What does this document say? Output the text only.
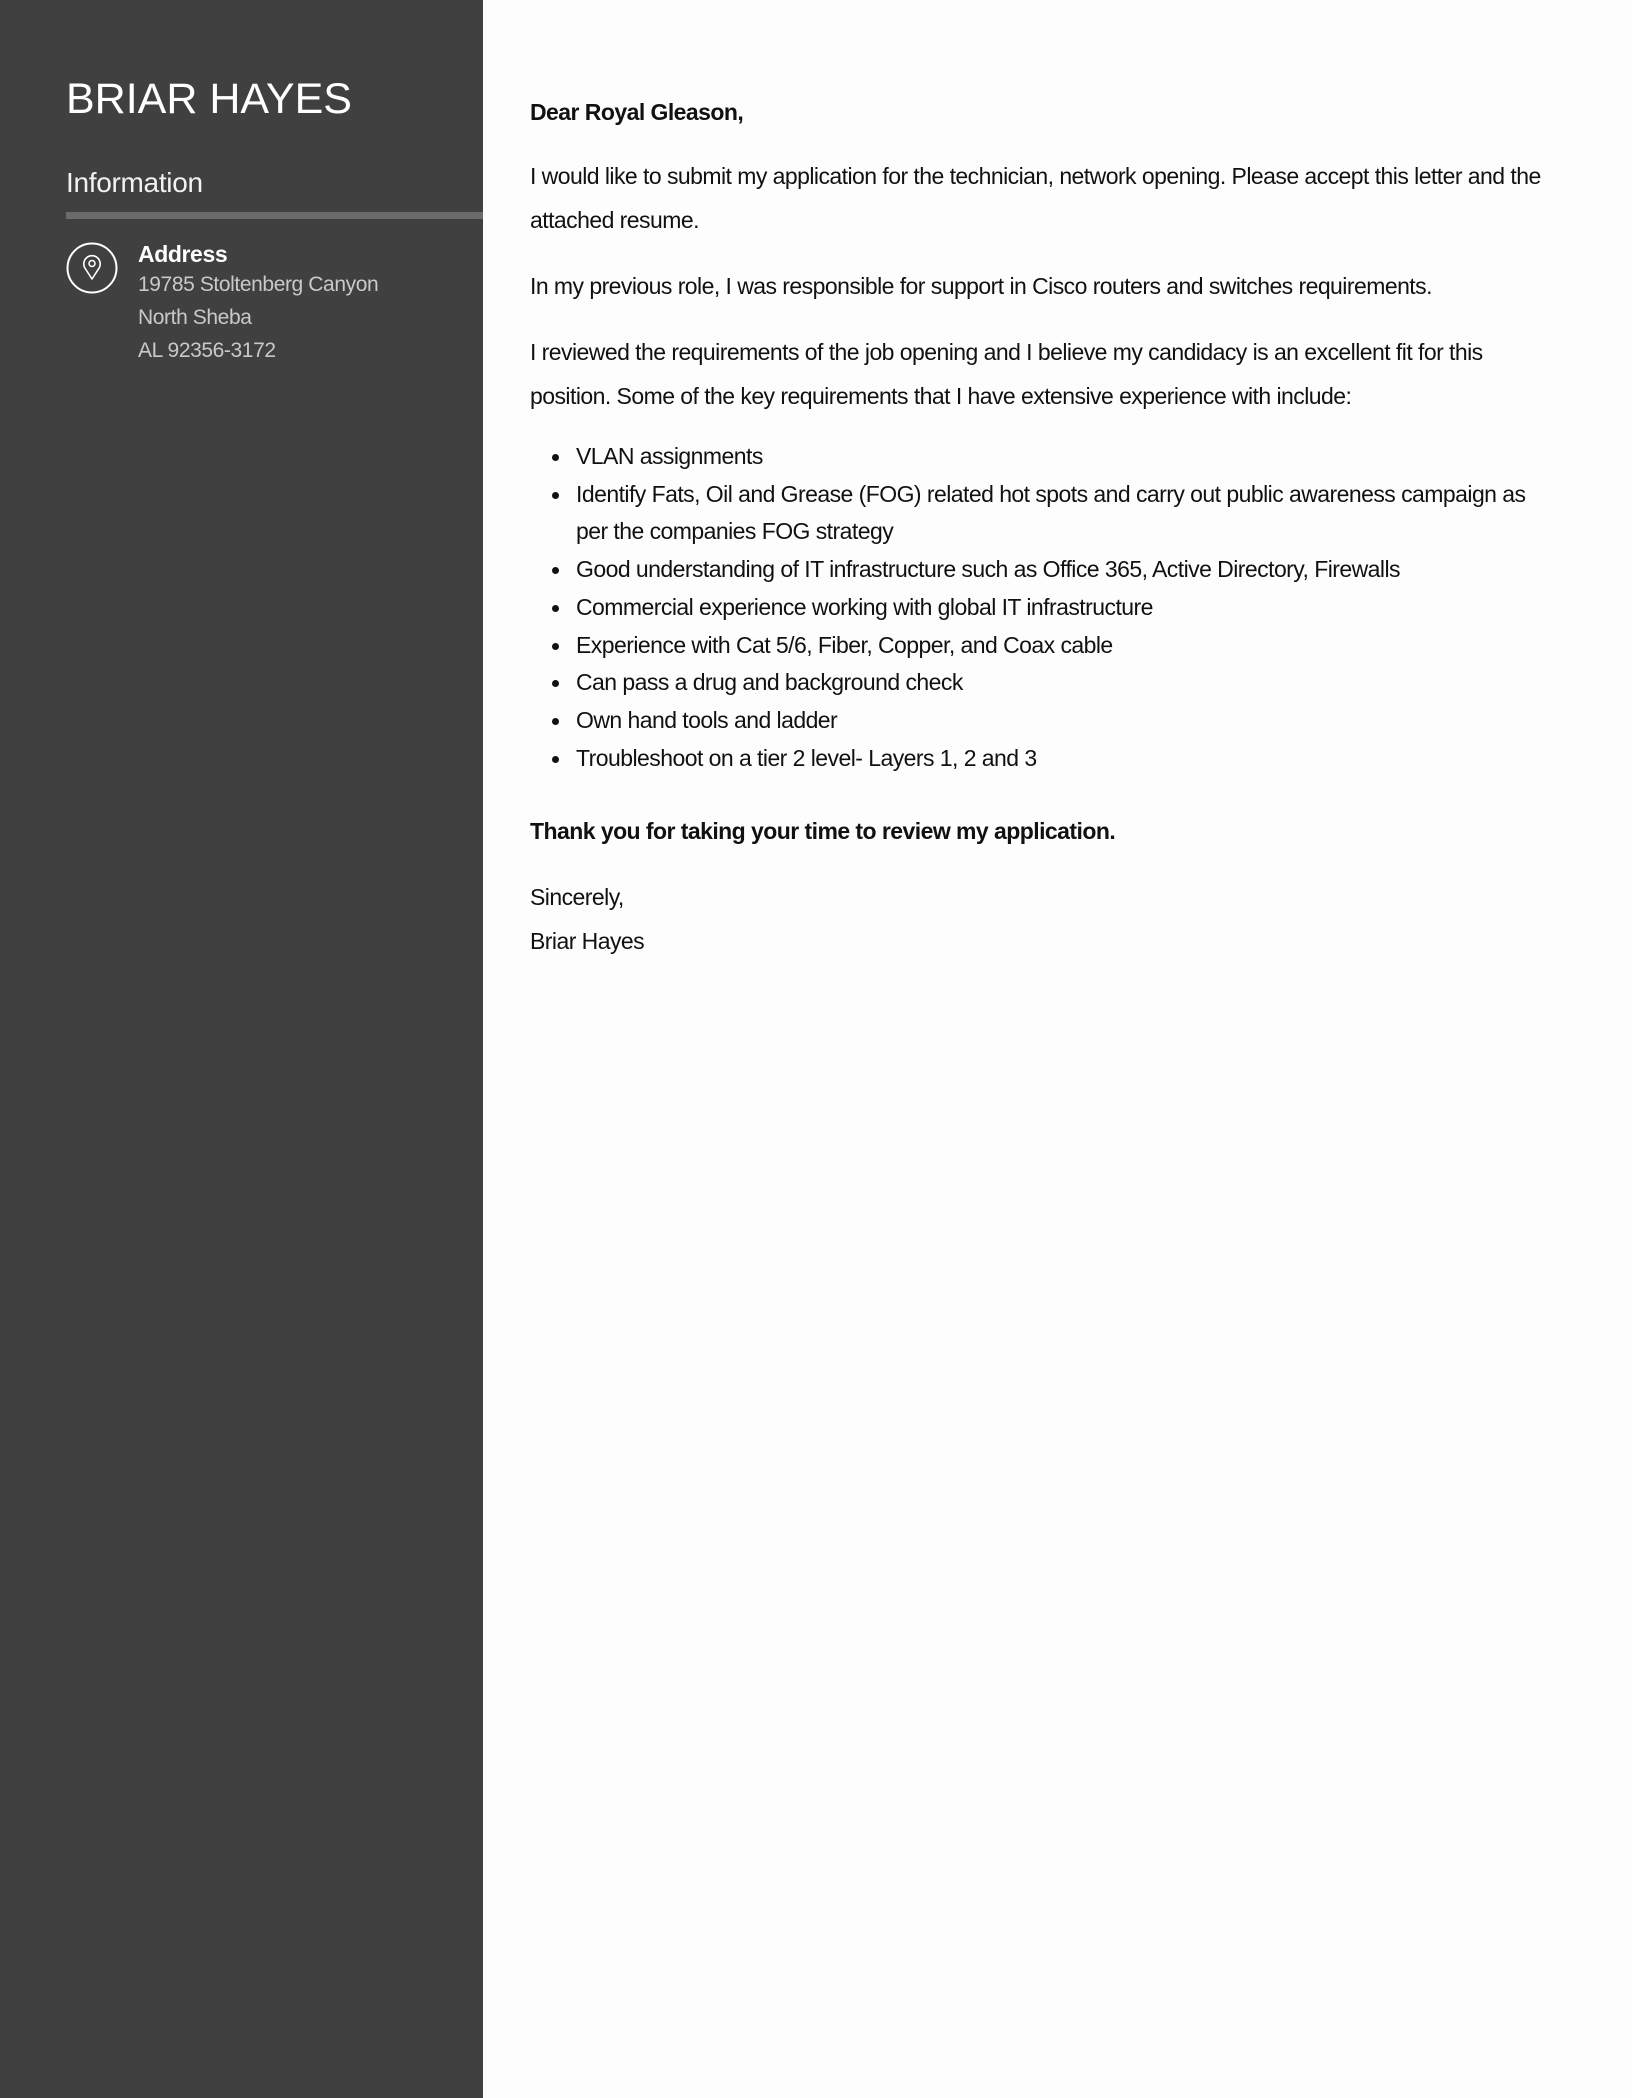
BRIAR HAYES
Information
Address
19785 Stoltenberg Canyon
North Sheba
AL 92356-3172

Dear Royal Gleason,

I would like to submit my application for the technician, network opening. Please accept this letter and the attached resume.

In my previous role, I was responsible for support in Cisco routers and switches requirements.

I reviewed the requirements of the job opening and I believe my candidacy is an excellent fit for this position. Some of the key requirements that I have extensive experience with include:

VLAN assignments
Identify Fats, Oil and Grease (FOG) related hot spots and carry out public awareness campaign as per the companies FOG strategy
Good understanding of IT infrastructure such as Office 365, Active Directory, Firewalls
Commercial experience working with global IT infrastructure
Experience with Cat 5/6, Fiber, Copper, and Coax cable
Can pass a drug and background check
Own hand tools and ladder
Troubleshoot on a tier 2 level- Layers 1, 2 and 3

Thank you for taking your time to review my application.

Sincerely,

Briar Hayes
